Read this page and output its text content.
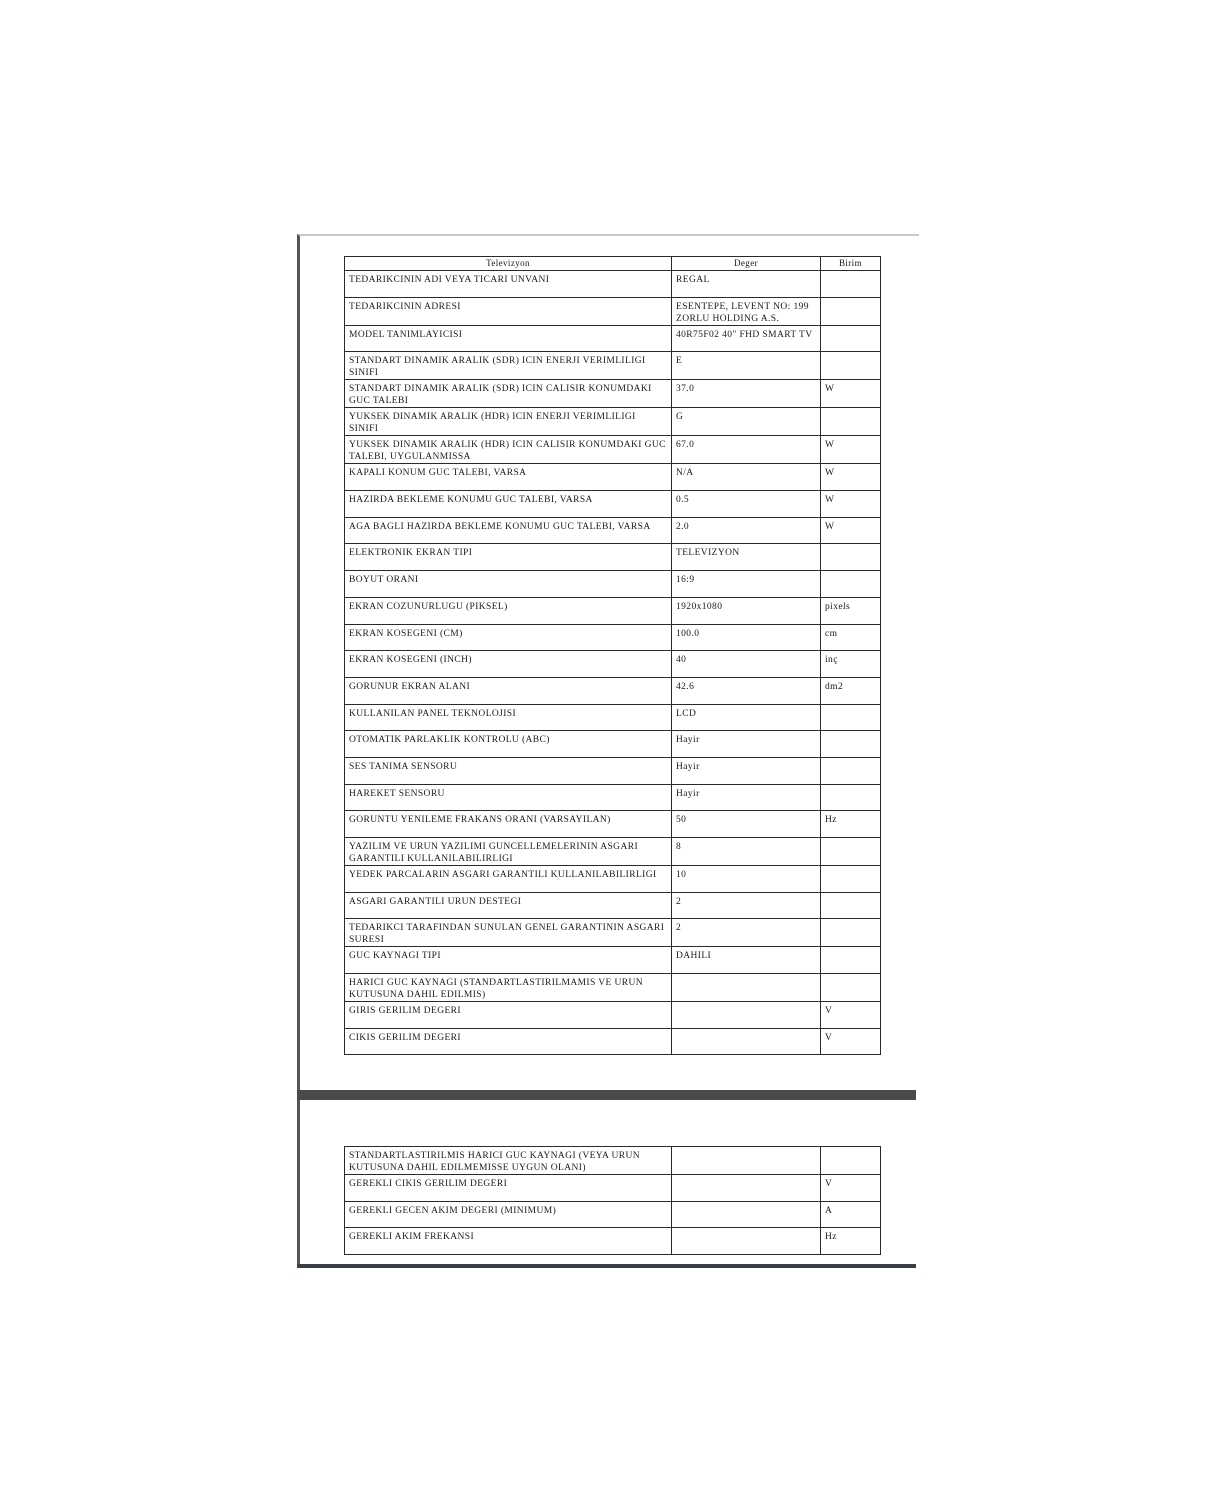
Televizyon	Deger	Birim
TEDARIKCININ ADI VEYA TICARI UNVANI	REGAL	
TEDARIKCININ ADRESI	ESENTEPE, LEVENT NO: 199 ZORLU HOLDING A.S.	
MODEL TANIMLAYICISI	40R75F02 40" FHD SMART TV	
STANDART DINAMIK ARALIK (SDR) ICIN ENERJI VERIMLILIGI SINIFI	E	
STANDART DINAMIK ARALIK (SDR) ICIN CALISIR KONUMDAKI GUC TALEBI	37.0	W
YUKSEK DINAMIK ARALIK (HDR) ICIN ENERJI VERIMLILIGI SINIFI	G	
YUKSEK DINAMIK ARALIK (HDR) ICIN CALISIR KONUMDAKI GUC TALEBI, UYGULANMISSA	67.0	W
KAPALI KONUM GUC TALEBI, VARSA	N/A	W
HAZIRDA BEKLEME KONUMU GUC TALEBI, VARSA	0.5	W
AGA BAGLI HAZIRDA BEKLEME KONUMU GUC TALEBI, VARSA	2.0	W
ELEKTRONIK EKRAN TIPI	TELEVIZYON	
BOYUT ORANI	16:9	
EKRAN COZUNURLUGU (PIKSEL)	1920x1080	pixels
EKRAN KOSEGENI (CM)	100.0	cm
EKRAN KOSEGENI (INCH)	40	inç
GORUNUR EKRAN ALANI	42.6	dm2
KULLANILAN PANEL TEKNOLOJISI	LCD	
OTOMATIK PARLAKLIK KONTROLU (ABC)	Hayir	
SES TANIMA SENSORU	Hayir	
HAREKET SENSORU	Hayir	
GORUNTU YENILEME FRAKANS ORANI (VARSAYILAN)	50	Hz
YAZILIM VE URUN YAZILIMI GUNCELLEMELERININ ASGARI GARANTILI KULLANILABILIRLIGI	8	
YEDEK PARCALARIN ASGARI GARANTILI KULLANILABILIRLIGI	10	
ASGARI GARANTILI URUN DESTEGI	2	
TEDARIKCI TARAFINDAN SUNULAN GENEL GARANTININ ASGARI SURESI	2	
GUC KAYNAGI TIPI	DAHILI	
HARICI GUC KAYNAGI (STANDARTLASTIRILMAMIS VE URUN KUTUSUNA DAHIL EDILMIS)		
GIRIS GERILIM DEGERI		V
CIKIS GERILIM DEGERI		V
STANDARTLASTIRILMIS HARICI GUC KAYNAGI (VEYA URUN KUTUSUNA DAHIL EDILMEMISSE UYGUN OLANI)		
GEREKLI CIKIS GERILIM DEGERI		V
GEREKLI GECEN AKIM DEGERI (MINIMUM)		A
GEREKLI AKIM FREKANSI		Hz
